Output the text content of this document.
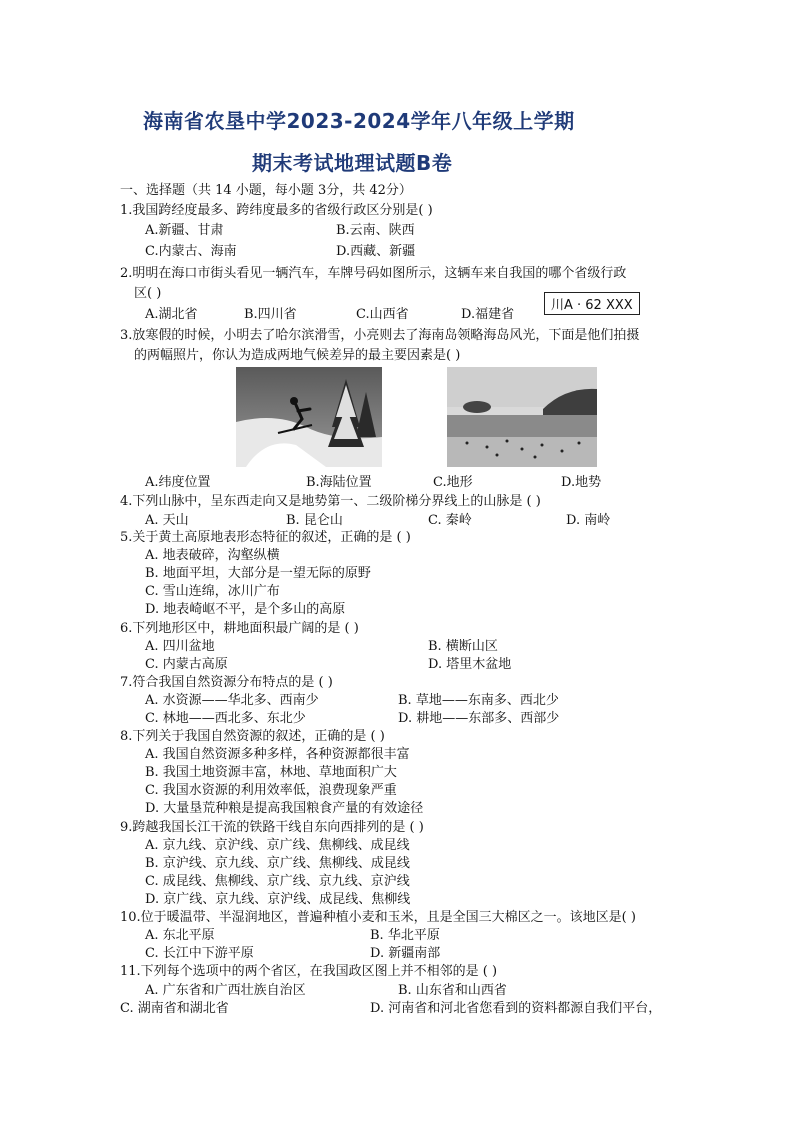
海南省农垦中学2023-2024学年八年级上学期
期末考试地理试题B卷
一、选择题（共 14 小题，每小题 3分，共 42分）
1.我国跨经度最多、跨纬度最多的省级行政区分别是( )
A.新疆、甘肃	B.云南、陕西
C.内蒙古、海南	D.西藏、新疆
2.明明在海口市街头看见一辆汽车，车牌号码如图所示，这辆车来自我国的哪个省级行政
区( )
A.湖北省	B.四川省	C.山西省	D.福建省
川A · 62 XXX
3.放寒假的时候，小明去了哈尔滨滑雪，小亮则去了海南岛领略海岛风光，下面是他们拍摄
的两幅照片，你认为造成两地气候差异的最主要因素是( )
A.纬度位置	B.海陆位置	C.地形	D.地势
4.下列山脉中，呈东西走向又是地势第一、二级阶梯分界线上的山脉是 ( )
A. 天山	B. 昆仑山	C. 秦岭	D. 南岭
5.关于黄土高原地表形态特征的叙述，正确的是 ( )
A. 地表破碎，沟壑纵横
B. 地面平坦，大部分是一望无际的原野
C. 雪山连绵，冰川广布
D. 地表崎岖不平，是个多山的高原
6.下列地形区中，耕地面积最广阔的是 ( )
A. 四川盆地	B. 横断山区
C. 内蒙古高原	D. 塔里木盆地
7.符合我国自然资源分布特点的是 ( )
A. 水资源——华北多、西南少	B. 草地——东南多、西北少
C. 林地——西北多、东北少	D. 耕地——东部多、西部少
8.下列关于我国自然资源的叙述，正确的是 ( )
A. 我国自然资源多种多样，各种资源都很丰富
B. 我国土地资源丰富，林地、草地面积广大
C. 我国水资源的利用效率低，浪费现象严重
D. 大量垦荒种粮是提高我国粮食产量的有效途径
9.跨越我国长江干流的铁路干线自东向西排列的是 ( )
A. 京九线、京沪线、京广线、焦柳线、成昆线
B. 京沪线、京九线、京广线、焦柳线、成昆线
C. 成昆线、焦柳线、京广线、京九线、京沪线
D. 京广线、京九线、京沪线、成昆线、焦柳线
10.位于暖温带、半湿润地区，普遍种植小麦和玉米，且是全国三大棉区之一。该地区是( )
A. 东北平原	B. 华北平原
C. 长江中下游平原	D. 新疆南部
11.下列每个选项中的两个省区，在我国政区图上并不相邻的是 ( )
A. 广东省和广西壮族自治区	B. 山东省和山西省
C. 湖南省和湖北省	D. 河南省和河北省您看到的资料都源自我们平台，
